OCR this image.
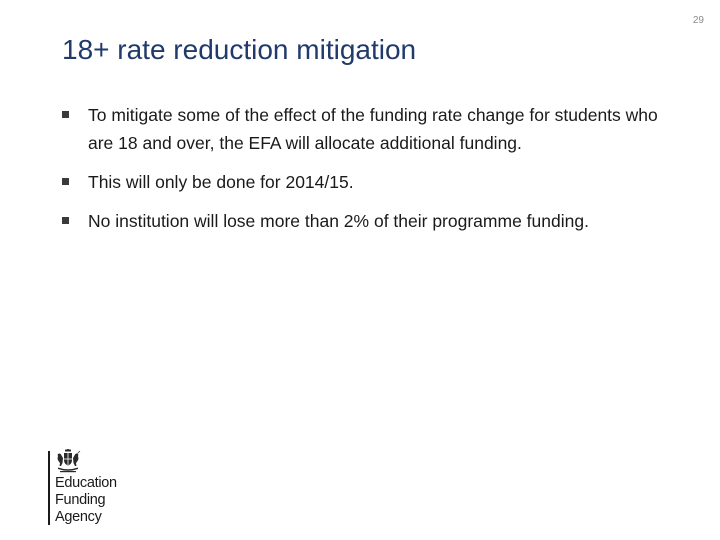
29
18+ rate reduction mitigation
To mitigate some of the effect of the funding rate change for students who are 18 and over, the EFA will allocate additional funding.
This will only be done for 2014/15.
No institution will lose more than 2% of their programme funding.
Education
Funding
Agency
